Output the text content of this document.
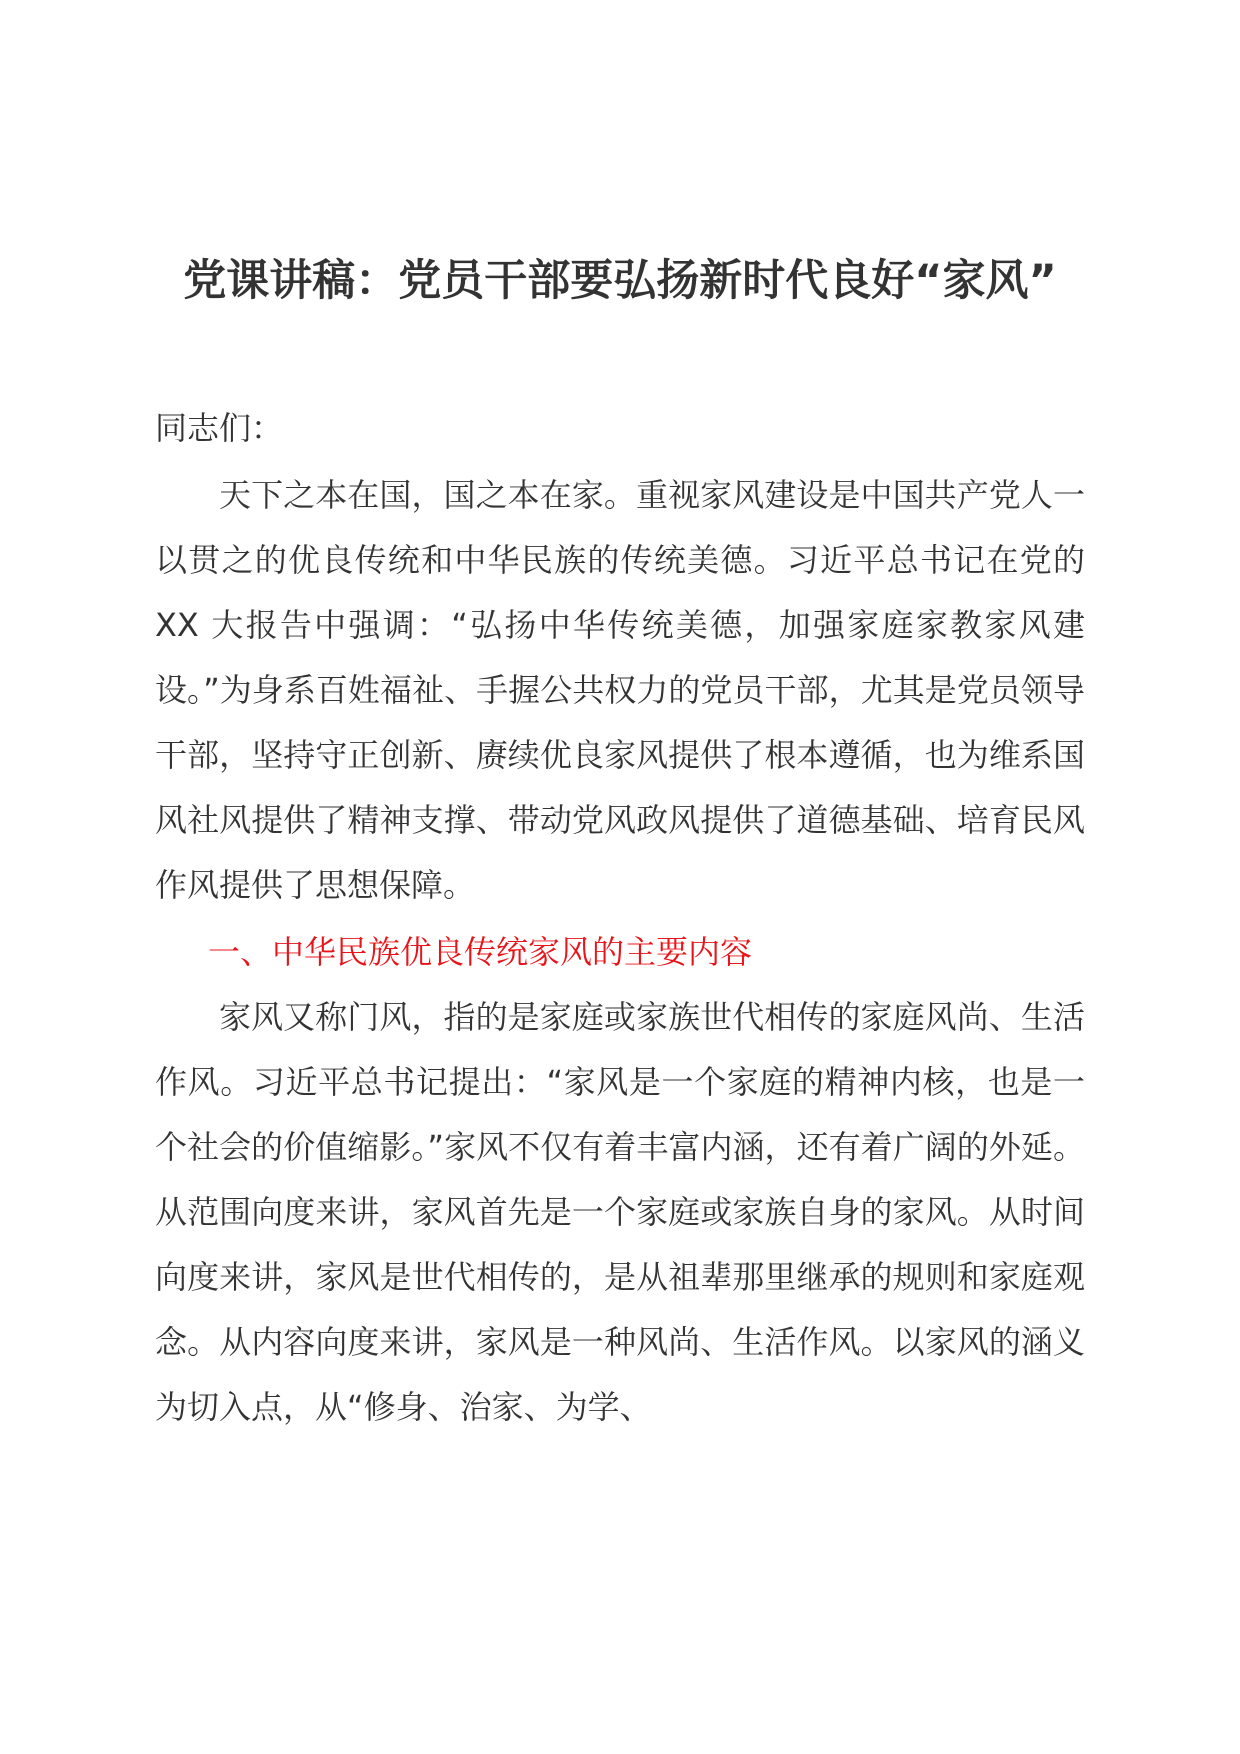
党课讲稿：党员干部要弘扬新时代良好“家风”
同志们：
天下之本在国，国之本在家。重视家风建设是中国共产党人一以贯之的优良传统和中华民族的传统美德。习近平总书记在党的 XX 大报告中强调：“弘扬中华传统美德，加强家庭家教家风建设。”为身系百姓福祉、手握公共权力的党员干部，尤其是党员领导干部，坚持守正创新、赓续优良家风提供了根本遵循，也为维系国风社风提供了精神支撑、带动党风政风提供了道德基础、培育民风作风提供了思想保障。
一、中华民族优良传统家风的主要内容
家风又称门风，指的是家庭或家族世代相传的家庭风尚、生活作风。习近平总书记提出：“家风是一个家庭的精神内核，也是一个社会的价值缩影。”家风不仅有着丰富内涵，还有着广阔的外延。从范围向度来讲，家风首先是一个家庭或家族自身的家风。从时间向度来讲，家风是世代相传的，是从祖辈那里继承的规则和家庭观念。从内容向度来讲，家风是一种风尚、生活作风。以家风的涵义为切入点，从“修身、治家、为学、
